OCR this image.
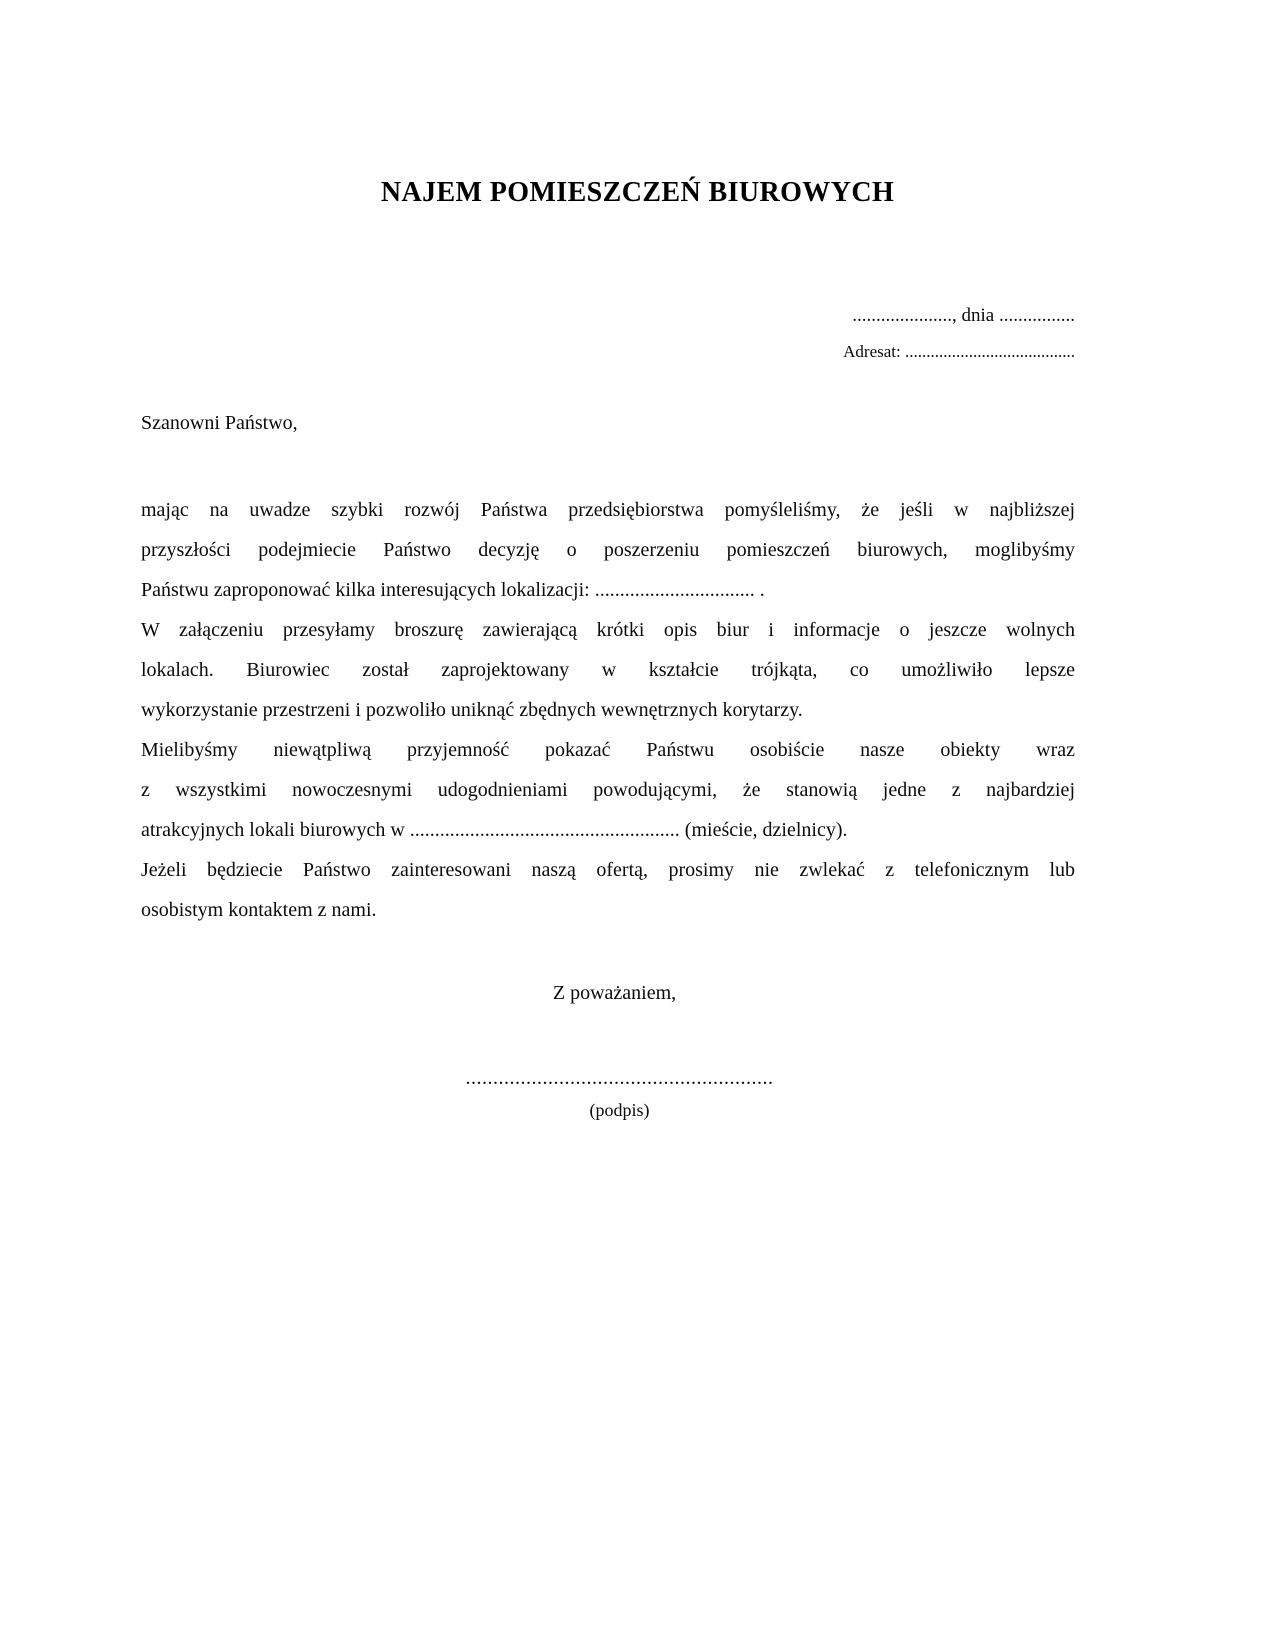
NAJEM POMIESZCZEŃ BIUROWYCH
....................., dnia ................
Adresat: ........................................
Szanowni Państwo,

mając na uwadze szybki rozwój Państwa przedsiębiorstwa pomyśleliśmy, że jeśli w najbliższej
przyszłości podejmiecie Państwo decyzję o poszerzeniu pomieszczeń biurowych, moglibyśmy
Państwu zaproponować kilka interesujących lokalizacji: ................................ .

W załączeniu przesyłamy broszurę zawierającą krótki opis biur i informacje o jeszcze wolnych
lokalach. Biurowiec został zaprojektowany w kształcie trójkąta, co umożliwiło lepsze
wykorzystanie przestrzeni i pozwoliło uniknąć zbędnych wewnętrznych korytarzy.

Mielibyśmy niewątpliwą przyjemność pokazać Państwu osobiście nasze obiekty wraz
z wszystkimi nowoczesnymi udogodnieniami powodującymi, że stanowią jedne z najbardziej
atrakcyjnych lokali biurowych w ...................................................... (mieście, dzielnicy).

Jeżeli będziecie Państwo zainteresowani naszą ofertą, prosimy nie zwlekać z telefonicznym lub
osobistym kontaktem z nami.

Z poważaniem,
........................................................
(podpis)
